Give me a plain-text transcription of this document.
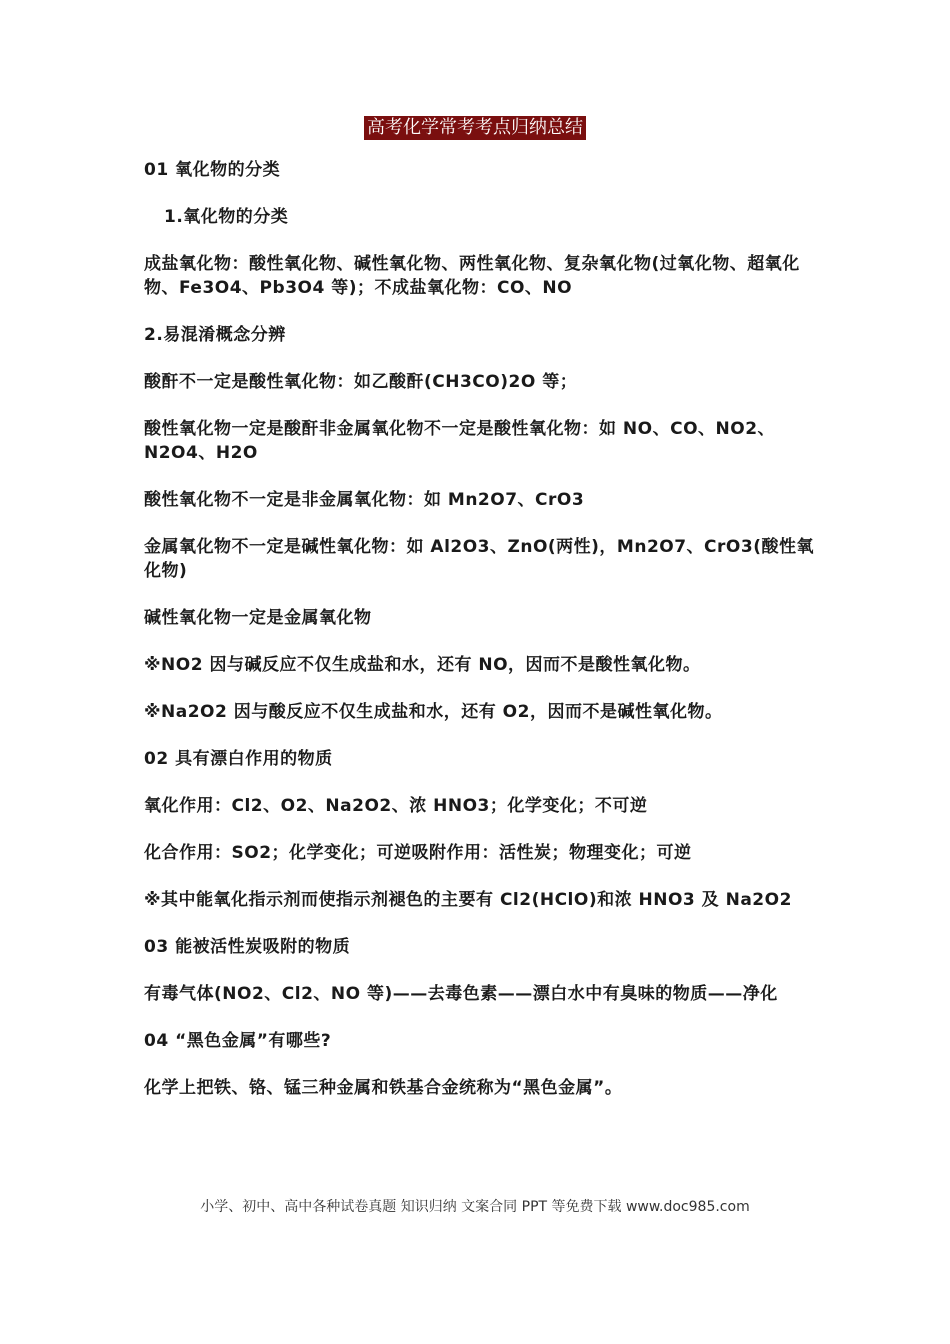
高考化学常考考点归纳总结

01 氧化物的分类

1.氧化物的分类

成盐氧化物：酸性氧化物、碱性氧化物、两性氧化物、复杂氧化物(过氧化物、超氧化物、Fe3O4、Pb3O4 等)；不成盐氧化物：CO、NO

2.易混淆概念分辨

酸酐不一定是酸性氧化物：如乙酸酐(CH3CO)2O 等；

酸性氧化物一定是酸酐非金属氧化物不一定是酸性氧化物：如 NO、CO、NO2、N2O4、H2O

酸性氧化物不一定是非金属氧化物：如 Mn2O7、CrO3

金属氧化物不一定是碱性氧化物：如 Al2O3、ZnO(两性)，Mn2O7、CrO3(酸性氧化物)

碱性氧化物一定是金属氧化物

※NO2 因与碱反应不仅生成盐和水，还有 NO，因而不是酸性氧化物。

※Na2O2 因与酸反应不仅生成盐和水，还有 O2，因而不是碱性氧化物。

02 具有漂白作用的物质

氧化作用：Cl2、O2、Na2O2、浓 HNO3；化学变化；不可逆

化合作用：SO2；化学变化；可逆吸附作用：活性炭；物理变化；可逆

※其中能氧化指示剂而使指示剂褪色的主要有 Cl2(HClO)和浓 HNO3 及 Na2O2

03 能被活性炭吸附的物质

有毒气体(NO2、Cl2、NO 等)——去毒色素——漂白水中有臭味的物质——净化

04 “黑色金属”有哪些?

化学上把铁、铬、锰三种金属和铁基合金统称为“黑色金属”。

小学、初中、高中各种试卷真题 知识归纳 文案合同 PPT 等免费下载 www.doc985.com
